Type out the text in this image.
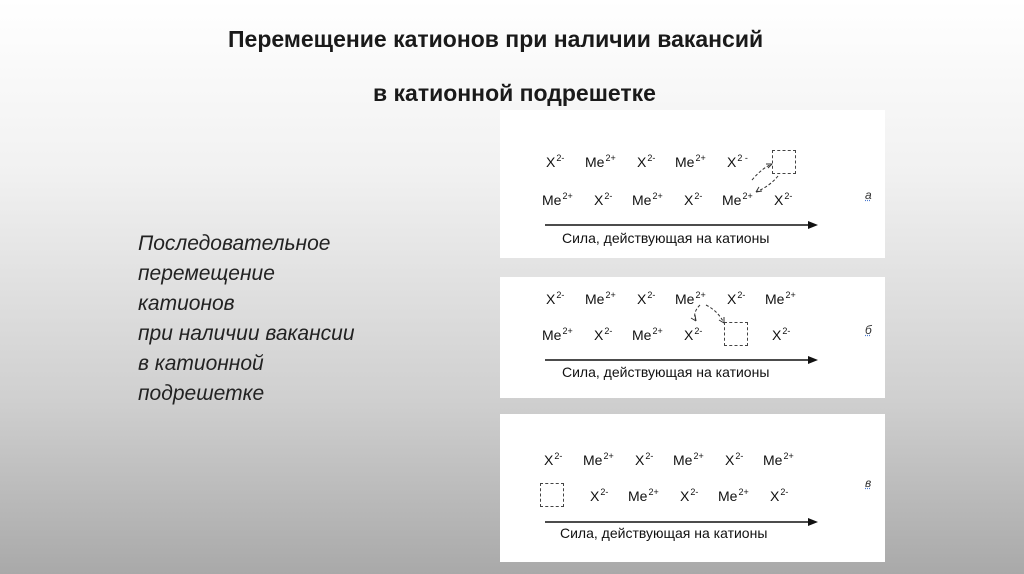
Перемещение катионов при наличии вакансий
в катионной подрешетке
Последовательное
перемещение
катионов
при наличии вакансии
в катионной
подрешетке
$X^{2-}$ $Me^{2+}$ $X^{2-}$ $Me^{2+}$ $X^{2 -}$
$Me^{2+}$ $X^{2-}$ $Me^{2+}$ $X^{2-}$ $Me^{2+}$ $X^{2-}$	а
Сила, действующая на катионы
$X^{2-}$ $Me^{2+}$ $X^{2-}$ $Me^{2+}$ $X^{2-}$ $Me^{2+}$
$Me^{2+}$ $X^{2-}$ $Me^{2+}$ $X^{2-}$	$X^{2-}$	б
Сила, действующая на катионы
$X^{2-}$ $Me^{2+}$ $X^{2-}$ $Me^{2+}$ $X^{2-}$ $Me^{2+}$
$X^{2-}$ $Me^{2+}$ $X^{2-}$ $Me^{2+}$ $X^{2-}$
в
Сила, действующая на катионы
